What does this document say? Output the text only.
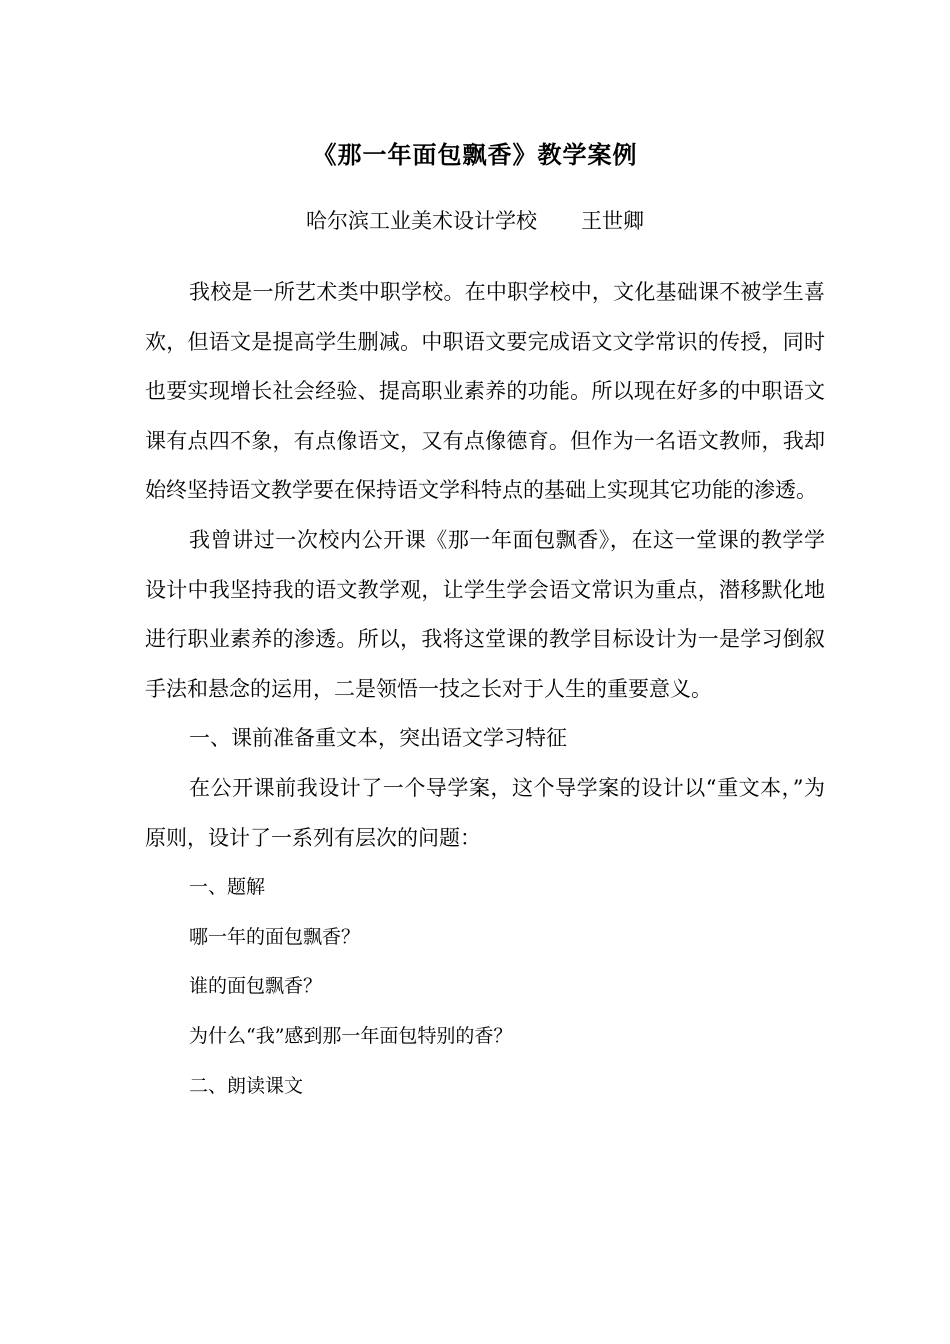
《那一年面包飘香》教学案例
哈尔滨工业美术设计学校 王世卿

我校是一所艺术类中职学校。在中职学校中，文化基础课不被学生喜欢，但语文是提高学生删减。中职语文要完成语文文学常识的传授，同时也要实现增长社会经验、提高职业素养的功能。所以现在好多的中职语文课有点四不象，有点像语文，又有点像德育。但作为一名语文教师，我却始终坚持语文教学要在保持语文学科特点的基础上实现其它功能的渗透。

我曾讲过一次校内公开课《那一年面包飘香》，在这一堂课的教学学设计中我坚持我的语文教学观，让学生学会语文常识为重点，潜移默化地进行职业素养的渗透。所以，我将这堂课的教学目标设计为一是学习倒叙手法和悬念的运用，二是领悟一技之长对于人生的重要意义。

一、课前准备重文本，突出语文学习特征

在公开课前我设计了一个导学案，这个导学案的设计以“重文本，”为原则，设计了一系列有层次的问题：

一、题解

哪一年的面包飘香？

谁的面包飘香？

为什么“我”感到那一年面包特别的香？

二、朗读课文
